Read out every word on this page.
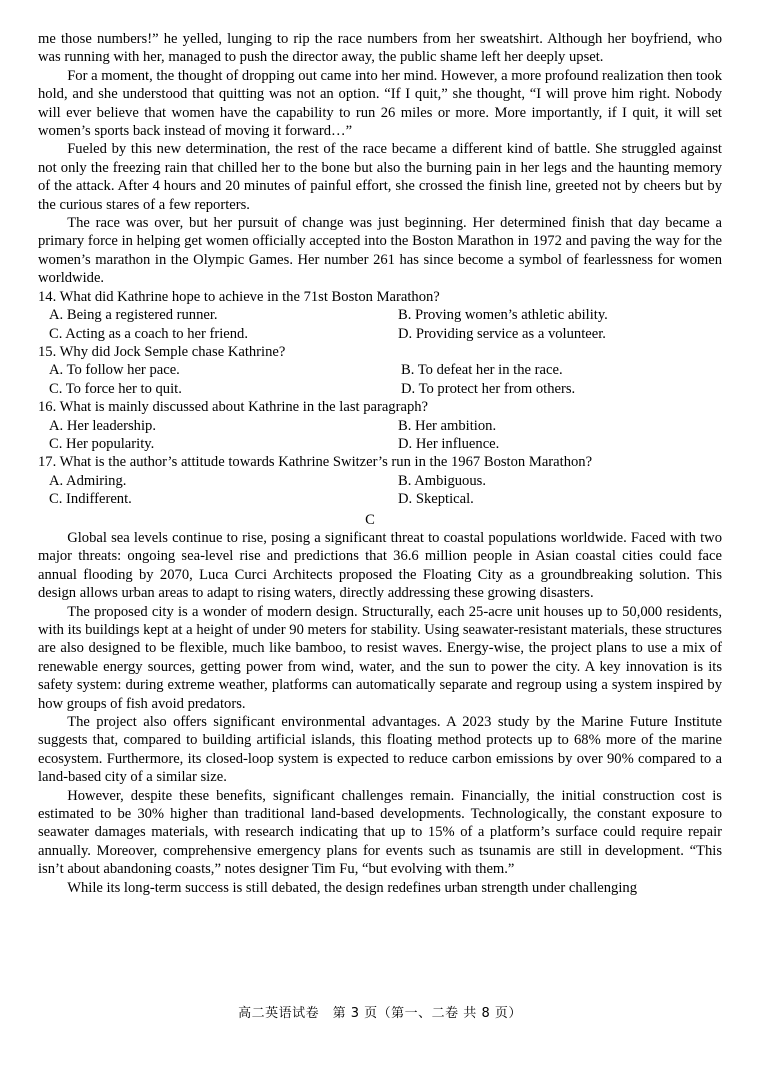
me those numbers!” he yelled, lunging to rip the race numbers from her sweatshirt. Although her boyfriend, who was running with her, managed to push the director away, the public shame left her deeply upset.

For a moment, the thought of dropping out came into her mind. However, a more profound realization then took hold, and she understood that quitting was not an option. “If I quit,” she thought, “I will prove him right. Nobody will ever believe that women have the capability to run 26 miles or more. More importantly, if I quit, it will set women’s sports back instead of moving it forward…”

Fueled by this new determination, the rest of the race became a different kind of battle. She struggled against not only the freezing rain that chilled her to the bone but also the burning pain in her legs and the haunting memory of the attack. After 4 hours and 20 minutes of painful effort, she crossed the finish line, greeted not by cheers but by the curious stares of a few reporters.

The race was over, but her pursuit of change was just beginning. Her determined finish that day became a primary force in helping get women officially accepted into the Boston Marathon in 1972 and paving the way for the women’s marathon in the Olympic Games. Her number 261 has since become a symbol of fearlessness for women worldwide.

14. What did Kathrine hope to achieve in the 71st Boston Marathon?

A. Being a registered runner.	B. Proving women’s athletic ability.
C. Acting as a coach to her friend.	D. Providing service as a volunteer.

15. Why did Jock Semple chase Kathrine?

A. To follow her pace.	B. To defeat her in the race.
C. To force her to quit.	D. To protect her from others.

16. What is mainly discussed about Kathrine in the last paragraph?

A. Her leadership.	B. Her ambition.
C. Her popularity.	D. Her influence.

17. What is the author’s attitude towards Kathrine Switzer’s run in the 1967 Boston Marathon?

A. Admiring.	B. Ambiguous.
C. Indifferent.	D. Skeptical.

C

Global sea levels continue to rise, posing a significant threat to coastal populations worldwide. Faced with two major threats: ongoing sea-level rise and predictions that 36.6 million people in Asian coastal cities could face annual flooding by 2070, Luca Curci Architects proposed the Floating City as a groundbreaking solution. This design allows urban areas to adapt to rising waters, directly addressing these growing disasters.

The proposed city is a wonder of modern design. Structurally, each 25-acre unit houses up to 50,000 residents, with its buildings kept at a height of under 90 meters for stability. Using seawater-resistant materials, these structures are also designed to be flexible, much like bamboo, to resist waves. Energy-wise, the project plans to use a mix of renewable energy sources, getting power from wind, water, and the sun to power the city. A key innovation is its safety system: during extreme weather, platforms can automatically separate and regroup using a system inspired by how groups of fish avoid predators.

The project also offers significant environmental advantages. A 2023 study by the Marine Future Institute suggests that, compared to building artificial islands, this floating method protects up to 68% more of the marine ecosystem. Furthermore, its closed-loop system is expected to reduce carbon emissions by over 90% compared to a land-based city of a similar size.

However, despite these benefits, significant challenges remain. Financially, the initial construction cost is estimated to be 30% higher than traditional land-based developments. Technologically, the constant exposure to seawater damages materials, with research indicating that up to 15% of a platform’s surface could require repair annually. Moreover, comprehensive emergency plans for events such as tsunamis are still in development. “This isn’t about abandoning coasts,” notes designer Tim Fu, “but evolving with them.”

While its long-term success is still debated, the design redefines urban strength under challenging

高二英语试卷　第 3 页（第一、二卷 共 8 页）
